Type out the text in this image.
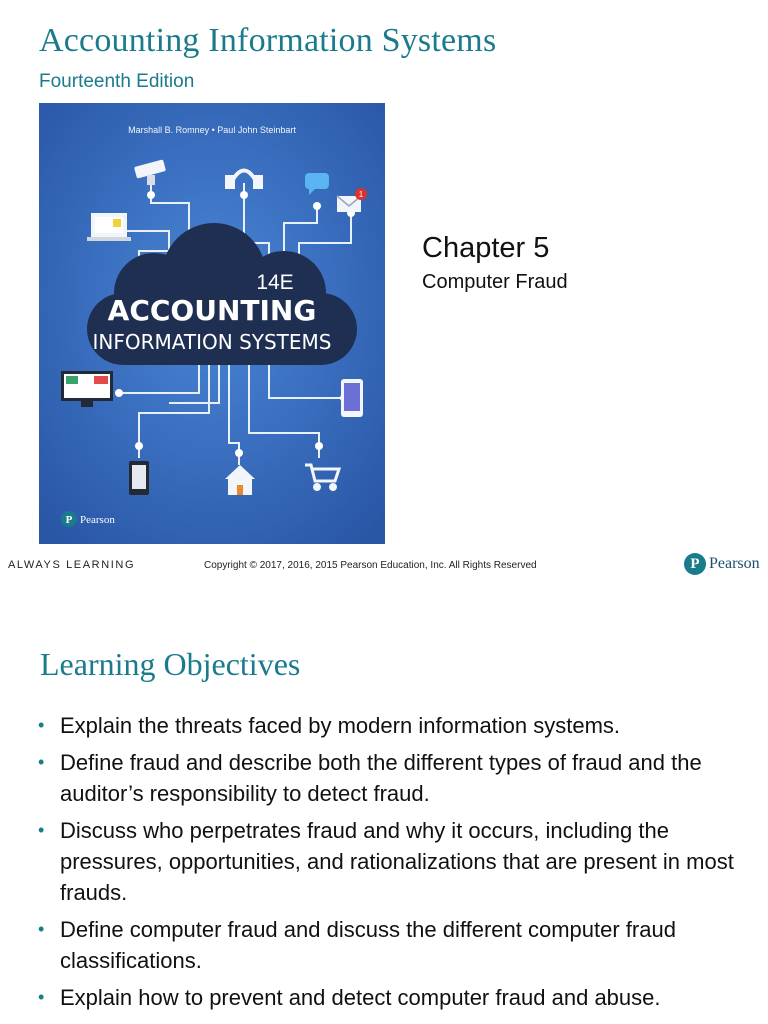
Accounting Information Systems
Fourteenth Edition
1
14E
ACCOUNTING
INFORMATION SYSTEMS
Marshall B. Romney • Paul John Steinbart
P Pearson
Chapter 5
Computer Fraud
ALWAYS LEARNING	Copyright © 2017, 2016, 2015 Pearson Education, Inc. All Rights Reserved	P Pearson
Learning Objectives
• Explain the threats faced by modern information systems.
• Define fraud and describe both the different types of fraud and the auditor’s responsibility to detect fraud.
• Discuss who perpetrates fraud and why it occurs, including the pressures, opportunities, and rationalizations that are present in most frauds.
• Define computer fraud and discuss the different computer fraud classifications.
• Explain how to prevent and detect computer fraud and abuse.
